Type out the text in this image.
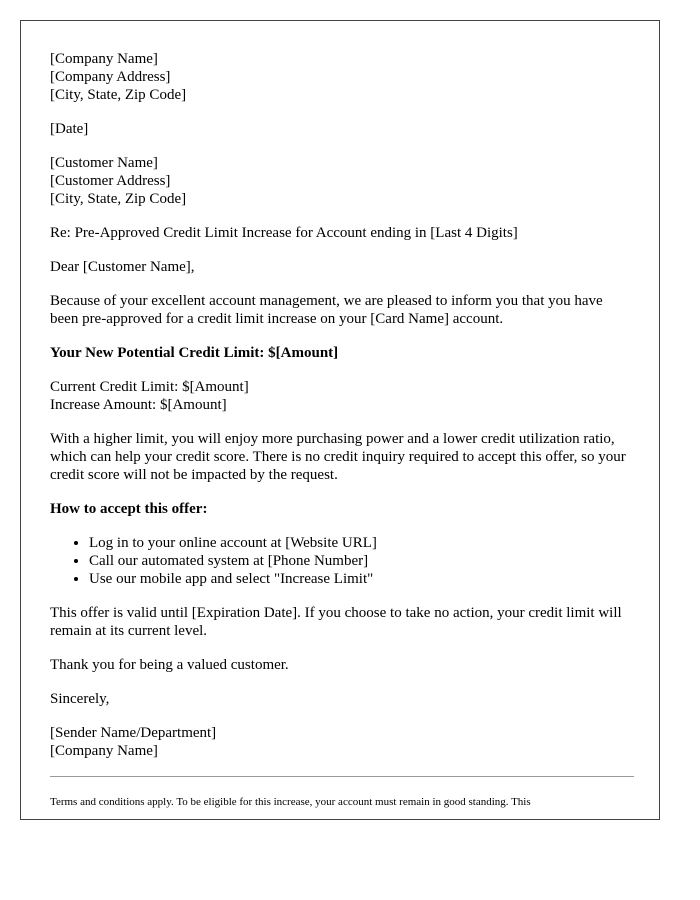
[Company Name]
[Company Address]
[City, State, Zip Code]

[Date]

[Customer Name]
[Customer Address]
[City, State, Zip Code]

Re: Pre-Approved Credit Limit Increase for Account ending in [Last 4 Digits]

Dear [Customer Name],

Because of your excellent account management, we are pleased to inform you that you have been pre-approved for a credit limit increase on your [Card Name] account.

Your New Potential Credit Limit: $[Amount]

Current Credit Limit: $[Amount]
Increase Amount: $[Amount]

With a higher limit, you will enjoy more purchasing power and a lower credit utilization ratio, which can help your credit score. There is no credit inquiry required to accept this offer, so your credit score will not be impacted by the request.

How to accept this offer:

• Log in to your online account at [Website URL]
• Call our automated system at [Phone Number]
• Use our mobile app and select "Increase Limit"

This offer is valid until [Expiration Date]. If you choose to take no action, your credit limit will remain at its current level.

Thank you for being a valued customer.

Sincerely,

[Sender Name/Department]
[Company Name]
Terms and conditions apply. To be eligible for this increase, your account must remain in good standing. This
